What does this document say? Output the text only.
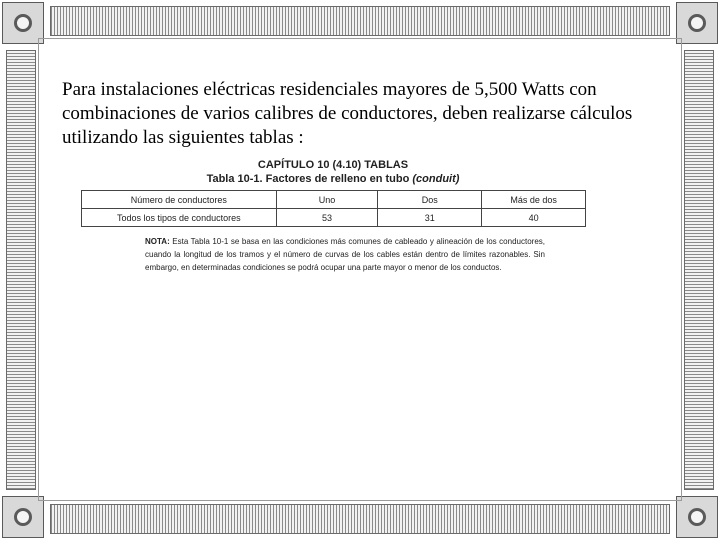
Para instalaciones eléctricas residenciales mayores de 5,500 Watts con combinaciones de varios calibres de conductores, deben realizarse cálculos utilizando las siguientes tablas :
CAPÍTULO 10 (4.10) TABLAS
Tabla 10-1. Factores de relleno en tubo (conduit)
Número de conductores	Uno	Dos	Más de dos
Todos los tipos de conductores	53	31	40
NOTA: Esta Tabla 10-1 se basa en las condiciones más comunes de cableado y alineación de los conductores, cuando la longitud de los tramos y el número de curvas de los cables están dentro de límites razonables. Sin embargo, en determinadas condiciones se podrá ocupar una parte mayor o menor de los conductos.
